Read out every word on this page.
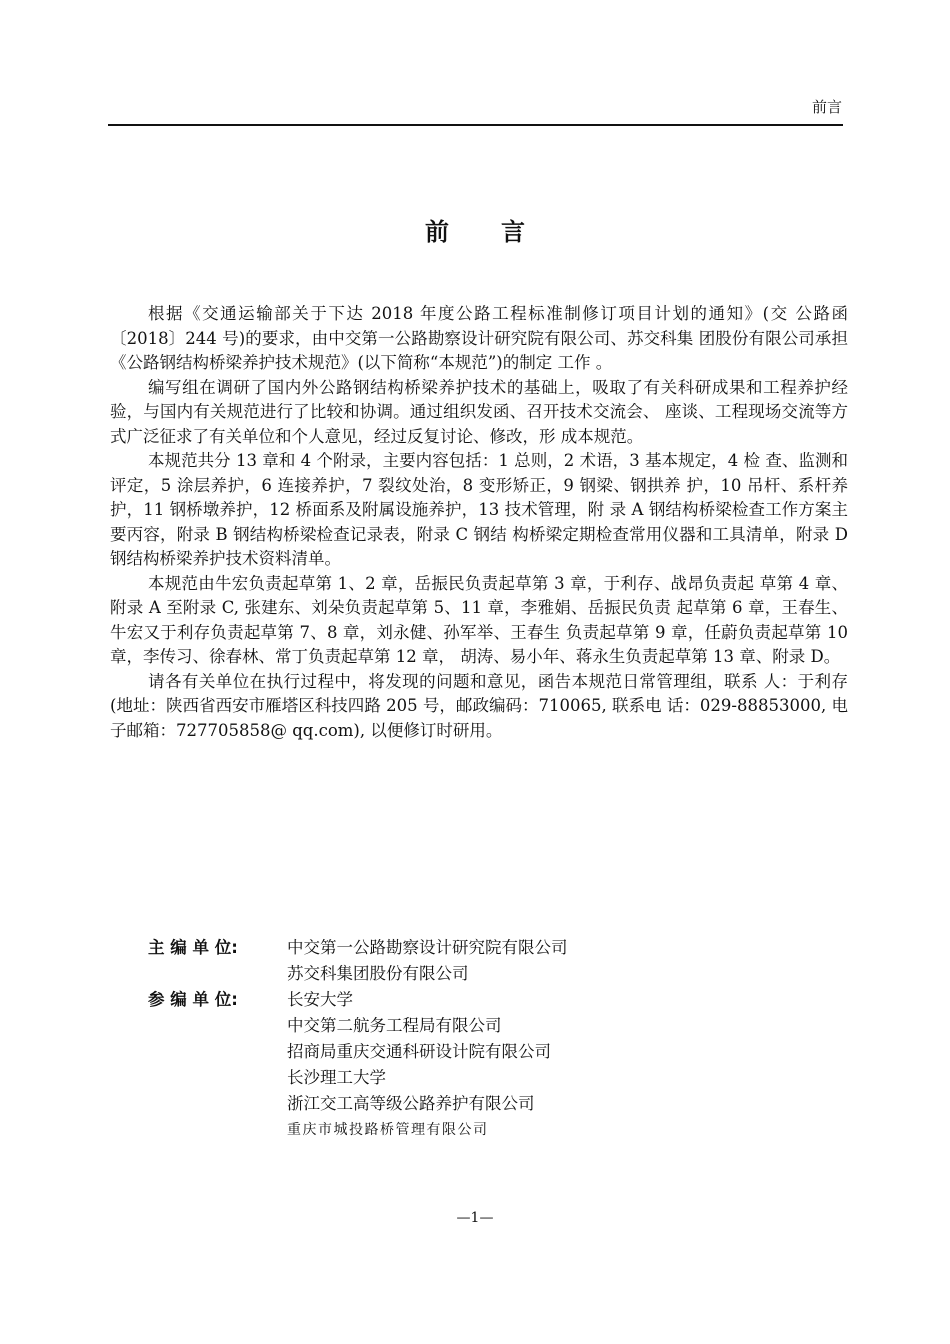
前言
前言

根据《交通运输部关于下达 2018 年度公路工程标准制修订项目计划的通知》(交 公路函〔2018〕244 号)的要求，由中交第一公路勘察设计研究院有限公司、苏交科集 团股份有限公司承担《公路钢结构桥梁养护技术规范》(以下简称“本规范”)的制定 工作 。

编写组在调研了国内外公路钢结构桥梁养护技术的基础上，吸取了有关科研成果和工程养护经验，与国内有关规范进行了比较和协调。通过组织发函、召开技术交流会、 座谈、工程现场交流等方式广泛征求了有关单位和个人意见，经过反复讨论、修改，形 成本规范。

本规范共分 13 章和 4 个附录，主要内容包括：1 总则，2 术语，3 基本规定，4 检 查、监测和评定，5 涂层养护，6 连接养护，7 裂纹处治，8 变形矫正，9 钢梁、钢拱养 护，10 吊杆、系杆养护，11 钢桥墩养护，12 桥面系及附属设施养护，13 技术管理，附 录 A 钢结构桥梁检查工作方案主要丙容，附录 B 钢结构桥梁检查记录表，附录 C 钢结 构桥梁定期检查常用仪器和工具清单，附录 D 钢结构桥梁养护技术资料清单。

本规范由牛宏负责起草第 1、2 章，岳振民负责起草第 3 章，于利存、战昂负责起 草第 4 章、附录 A 至附录 C, 张建东、刘朵负责起草第 5、11 章，李雅娟、岳振民负责 起草第 6 章，王春生、牛宏又于利存负责起草第 7、8 章，刘永健、孙军举、王春生 负责起草第 9 章，任蔚负责起草第 10 章，李传习、徐春林、常丁负责起草第 12 章， 胡涛、易小年、蒋永生负责起草第 13 章、附录 D。

请各有关单位在执行过程中，将发现的问题和意见，函告本规范日常管理组，联系 人：于利存(地址：陕西省西安市雁塔区科技四路 205 号，邮政编码：710065, 联系电 话：029-88853000, 电子邮箱：727705858@ qq.com), 以便修订时研用。

主 编 单 位:	中交第一公路勘察设计研究院有限公司
苏交科集团股份有限公司
参 编 单 位:	长安大学
中交第二航务工程局有限公司
招商局重庆交通科研设计院有限公司
长沙理工大学
浙江交工高等级公路养护有限公司
重庆市城投路桥管理有限公司
—1—
